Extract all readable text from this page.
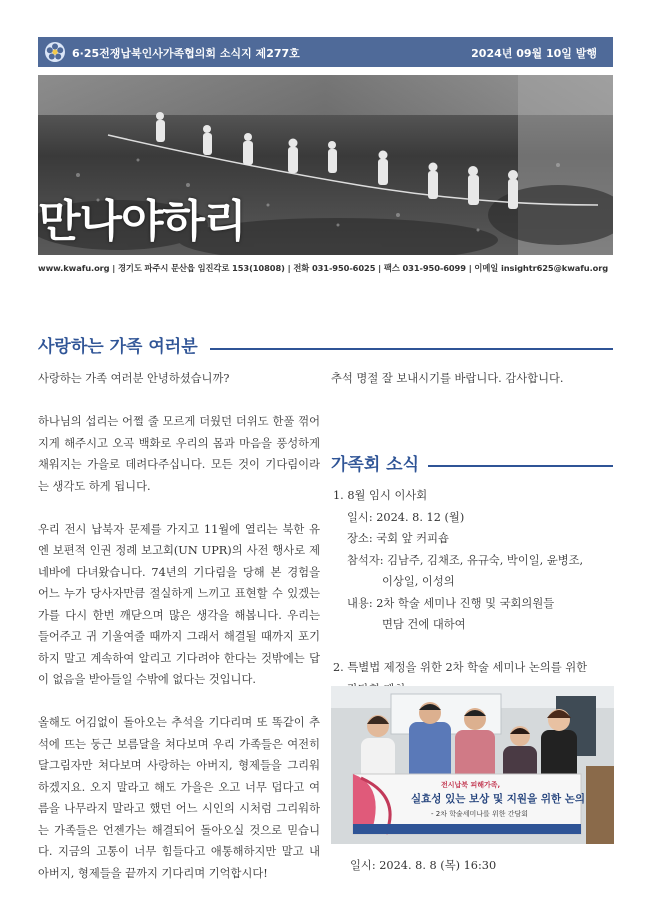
6·25전쟁납북인사가족협의회 소식지 제277호	2024년 09월 10일 발행
만나야하리
www.kwafu.org | 경기도 파주시 문산읍 임진각로 153(10808) | 전화 031-950-6025 | 팩스 031-950-6099 | 이메일 insightr625@kwafu.org
사랑하는 가족 여러분

사랑하는 가족 여러분 안녕하셨습니까?

하나님의 섭리는 어쩔 줄 모르게 더웠던 더위도 한풀 꺾어지게 해주시고 오곡 백화로 우리의 몸과 마음을 풍성하게 채워지는 가을로 데려다주십니다. 모든 것이 기다림이라는 생각도 하게 됩니다.

우리 전시 납북자 문제를 가지고 11월에 열리는 북한 유엔 보편적 인권 정례 보고회(UN UPR)의 사전 행사로 제네바에 다녀왔습니다. 74년의 기다림을 당해 본 경험을 어느 누가 당사자만큼 절실하게 느끼고 표현할 수 있겠는가를 다시 한번 깨닫으며 많은 생각을 해봅니다. 우리는 들어주고 귀 기울여줄 때까지 그래서 해결될 때까지 포기하지 말고 계속하여 알리고 기다려야 한다는 것밖에는 답이 없음을 받아들일 수밖에 없다는 것입니다.

올해도 어김없이 돌아오는 추석을 기다리며 또 똑같이 추석에 뜨는 둥근 보름달을 쳐다보며 우리 가족들은 여전히 달그림자만 쳐다보며 사랑하는 아버지, 형제들을 그리워하겠지요. 오지 말라고 해도 가을은 오고 너무 덥다고 여름을 나무라지 말라고 했던 어느 시인의 시처럼 그리워하는 가족들은 언젠가는 해결되어 돌아오실 것으로 믿습니다. 지금의 고통이 너무 힘들다고 애통해하지만 말고 내 아버지, 형제들을 끝까지 기다리며 기억합시다!

추석 명절 잘 보내시기를 바랍니다. 감사합니다.

가족회 소식
1. 8월 임시 이사회
일시: 2024. 8. 12 (월)
장소: 국회 앞 커피숍
참석자: 김남주, 김채조, 유규숙, 박이일, 윤병조,
이상일, 이성의
내용: 2차 학술 세미나 진행 및 국회의원들
면담 건에 대하여
2. 특별법 제정을 위한 2차 학술 세미나 논의를 위한
전시납북 피해가족,
실효성 있는 보상 및 지원을 위한 논의
- 2차 학술세미나를 위한 간담회
일시: 2024. 8. 8 (목) 16:30
